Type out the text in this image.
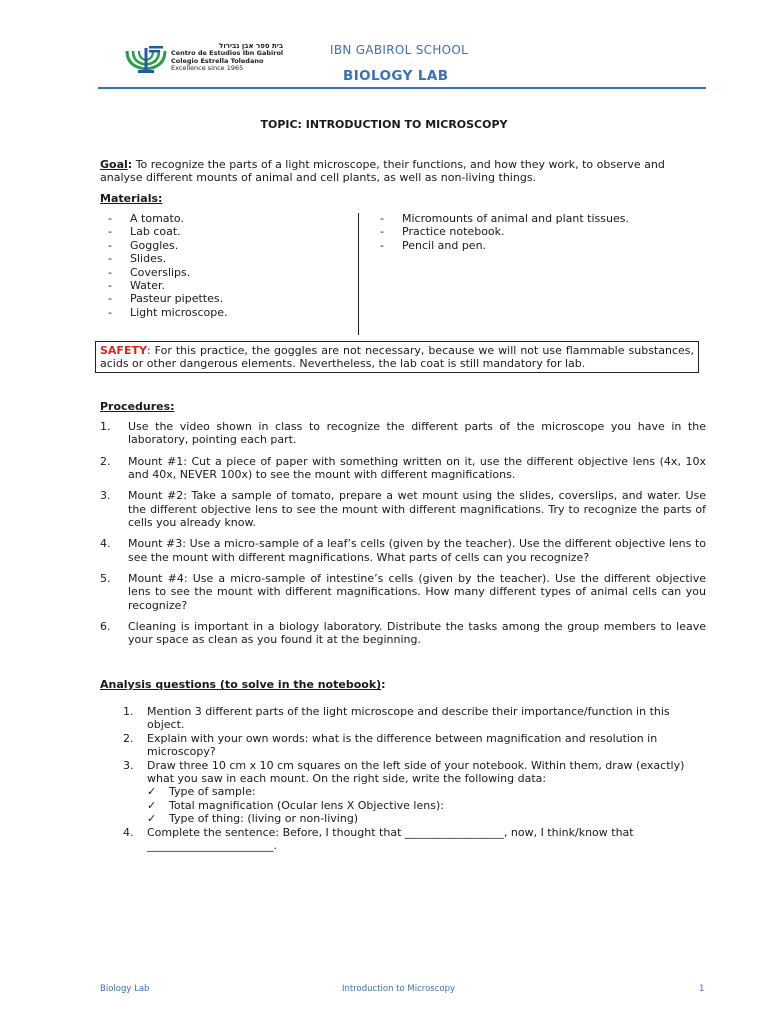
בית ספר אבן גבירול
Centro de Estudios Ibn Gabirol
Colegio Estrella Toledano
Excellence since 1965
IBN GABIROL SCHOOL
BIOLOGY LAB
TOPIC: INTRODUCTION TO MICROSCOPY
Goal: To recognize the parts of a light microscope, their functions, and how they work, to observe and analyse different mounts of animal and cell plants, as well as non-living things.
Materials:
- A tomato.
- Lab coat.
- Goggles.
- Slides.
- Coverslips.
- Water.
- Pasteur pipettes.
- Light microscope.
- Micromounts of animal and plant tissues.
- Practice notebook.
- Pencil and pen.
SAFETY: For this practice, the goggles are not necessary, because we will not use flammable substances, acids or other dangerous elements. Nevertheless, the lab coat is still mandatory for lab.
Procedures:
1. Use the video shown in class to recognize the different parts of the microscope you have in the laboratory, pointing each part.
2. Mount #1: Cut a piece of paper with something written on it, use the different objective lens (4x, 10x and 40x, NEVER 100x) to see the mount with different magnifications.
3. Mount #2: Take a sample of tomato, prepare a wet mount using the slides, coverslips, and water. Use the different objective lens to see the mount with different magnifications. Try to recognize the parts of cells you already know.
4. Mount #3: Use a micro-sample of a leaf’s cells (given by the teacher). Use the different objective lens to see the mount with different magnifications. What parts of cells can you recognize?
5. Mount #4: Use a micro-sample of intestine’s cells (given by the teacher). Use the different objective lens to see the mount with different magnifications. How many different types of animal cells can you recognize?
6. Cleaning is important in a biology laboratory. Distribute the tasks among the group members to leave your space as clean as you found it at the beginning.
Analysis questions (to solve in the notebook):
1. Mention 3 different parts of the light microscope and describe their importance/function in this object.
2. Explain with your own words: what is the difference between magnification and resolution in microscopy?
3. Draw three 10 cm x 10 cm squares on the left side of your notebook. Within them, draw (exactly) what you saw in each mount. On the right side, write the following data:
✓ Type of sample:
✓ Total magnification (Ocular lens X Objective lens):
✓ Type of thing: (living or non-living)
4. Complete the sentence: Before, I thought that __________________, now, I think/know that _______________________.
Biology Lab	Introduction to Microscopy	1
